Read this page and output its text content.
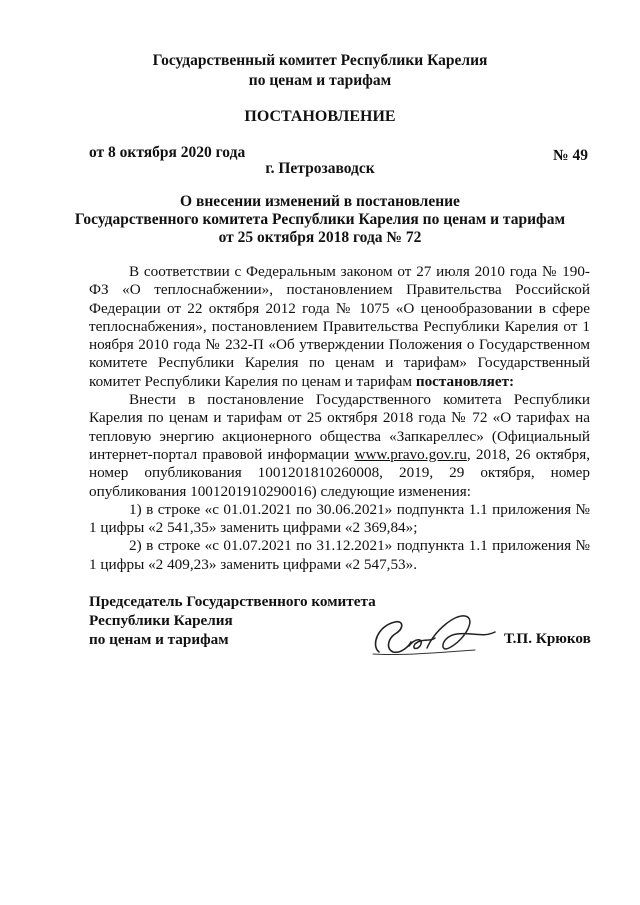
Государственный комитет Республики Карелия
по ценам и тарифам
ПОСТАНОВЛЕНИЕ
от 8 октября 2020 года	№ 49
г. Петрозаводск
О внесении изменений в постановление
Государственного комитета Республики Карелия по ценам и тарифам
от 25 октября 2018 года № 72

В соответствии с Федеральным законом от 27 июля 2010 года № 190-ФЗ «О теплоснабжении», постановлением Правительства Российской Федерации от 22 октября 2012 года № 1075 «О ценообразовании в сфере теплоснабжения», постановлением Правительства Республики Карелия от 1 ноября 2010 года № 232-П «Об утверждении Положения о Государственном комитете Республики Карелия по ценам и тарифам» Государственный комитет Республики Карелия по ценам и тарифам постановляет:

Внести в постановление Государственного комитета Республики Карелия по ценам и тарифам от 25 октября 2018 года № 72 «О тарифах на тепловую энергию акционерного общества «Запкареллес» (Официальный интернет-портал правовой информации www.pravo.gov.ru, 2018, 26 октября, номер опубликования 1001201810260008, 2019, 29 октября, номер опубликования 1001201910290016) следующие изменения:

1) в строке «с 01.01.2021 по 30.06.2021» подпункта 1.1 приложения № 1 цифры «2 541,35» заменить цифрами «2 369,84»;

2) в строке «с 01.07.2021 по 31.12.2021» подпункта 1.1 приложения № 1 цифры «2 409,23» заменить цифрами «2 547,53».

Председатель Государственного комитета
Республики Карелия
по ценам и тарифам	Т.П. Крюков
